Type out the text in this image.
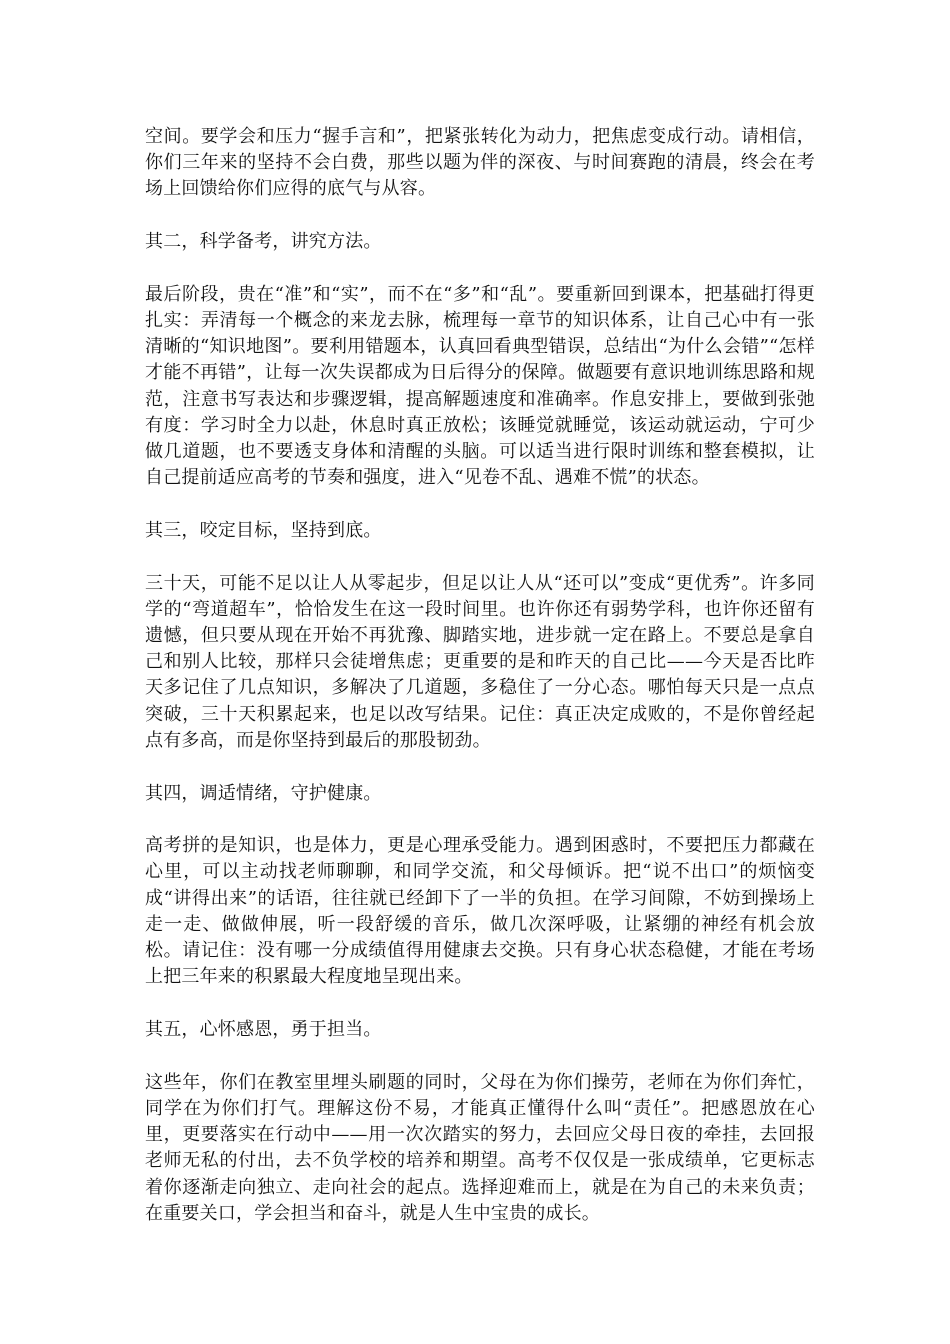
空间。要学会和压力“握手言和”，把紧张转化为动力，把焦虑变成行动。请相信，你们三年来的坚持不会白费，那些以题为伴的深夜、与时间赛跑的清晨，终会在考场上回馈给你们应得的底气与从容。

其二，科学备考，讲究方法。

最后阶段，贵在“准”和“实”，而不在“多”和“乱”。要重新回到课本，把基础打得更扎实：弄清每一个概念的来龙去脉，梳理每一章节的知识体系，让自己心中有一张清晰的“知识地图”。要利用错题本，认真回看典型错误，总结出“为什么会错”“怎样才能不再错”，让每一次失误都成为日后得分的保障。做题要有意识地训练思路和规范，注意书写表达和步骤逻辑，提高解题速度和准确率。作息安排上，要做到张弛有度：学习时全力以赴，休息时真正放松；该睡觉就睡觉，该运动就运动，宁可少做几道题，也不要透支身体和清醒的头脑。可以适当进行限时训练和整套模拟，让自己提前适应高考的节奏和强度，进入“见卷不乱、遇难不慌”的状态。

其三，咬定目标，坚持到底。

三十天，可能不足以让人从零起步，但足以让人从“还可以”变成“更优秀”。许多同学的“弯道超车”，恰恰发生在这一段时间里。也许你还有弱势学科，也许你还留有遗憾，但只要从现在开始不再犹豫、脚踏实地，进步就一定在路上。不要总是拿自己和别人比较，那样只会徒增焦虑；更重要的是和昨天的自己比——今天是否比昨天多记住了几点知识，多解决了几道题，多稳住了一分心态。哪怕每天只是一点点突破，三十天积累起来，也足以改写结果。记住：真正决定成败的，不是你曾经起点有多高，而是你坚持到最后的那股韧劲。

其四，调适情绪，守护健康。

高考拼的是知识，也是体力，更是心理承受能力。遇到困惑时，不要把压力都藏在心里，可以主动找老师聊聊，和同学交流，和父母倾诉。把“说不出口”的烦恼变成“讲得出来”的话语，往往就已经卸下了一半的负担。在学习间隙，不妨到操场上走一走、做做伸展，听一段舒缓的音乐，做几次深呼吸，让紧绷的神经有机会放松。请记住：没有哪一分成绩值得用健康去交换。只有身心状态稳健，才能在考场上把三年来的积累最大程度地呈现出来。

其五，心怀感恩，勇于担当。

这些年，你们在教室里埋头刷题的同时，父母在为你们操劳，老师在为你们奔忙，同学在为你们打气。理解这份不易，才能真正懂得什么叫“责任”。把感恩放在心里，更要落实在行动中——用一次次踏实的努力，去回应父母日夜的牵挂，去回报老师无私的付出，去不负学校的培养和期望。高考不仅仅是一张成绩单，它更标志着你逐渐走向独立、走向社会的起点。选择迎难而上，就是在为自己的未来负责；在重要关口，学会担当和奋斗，就是人生中宝贵的成长。
